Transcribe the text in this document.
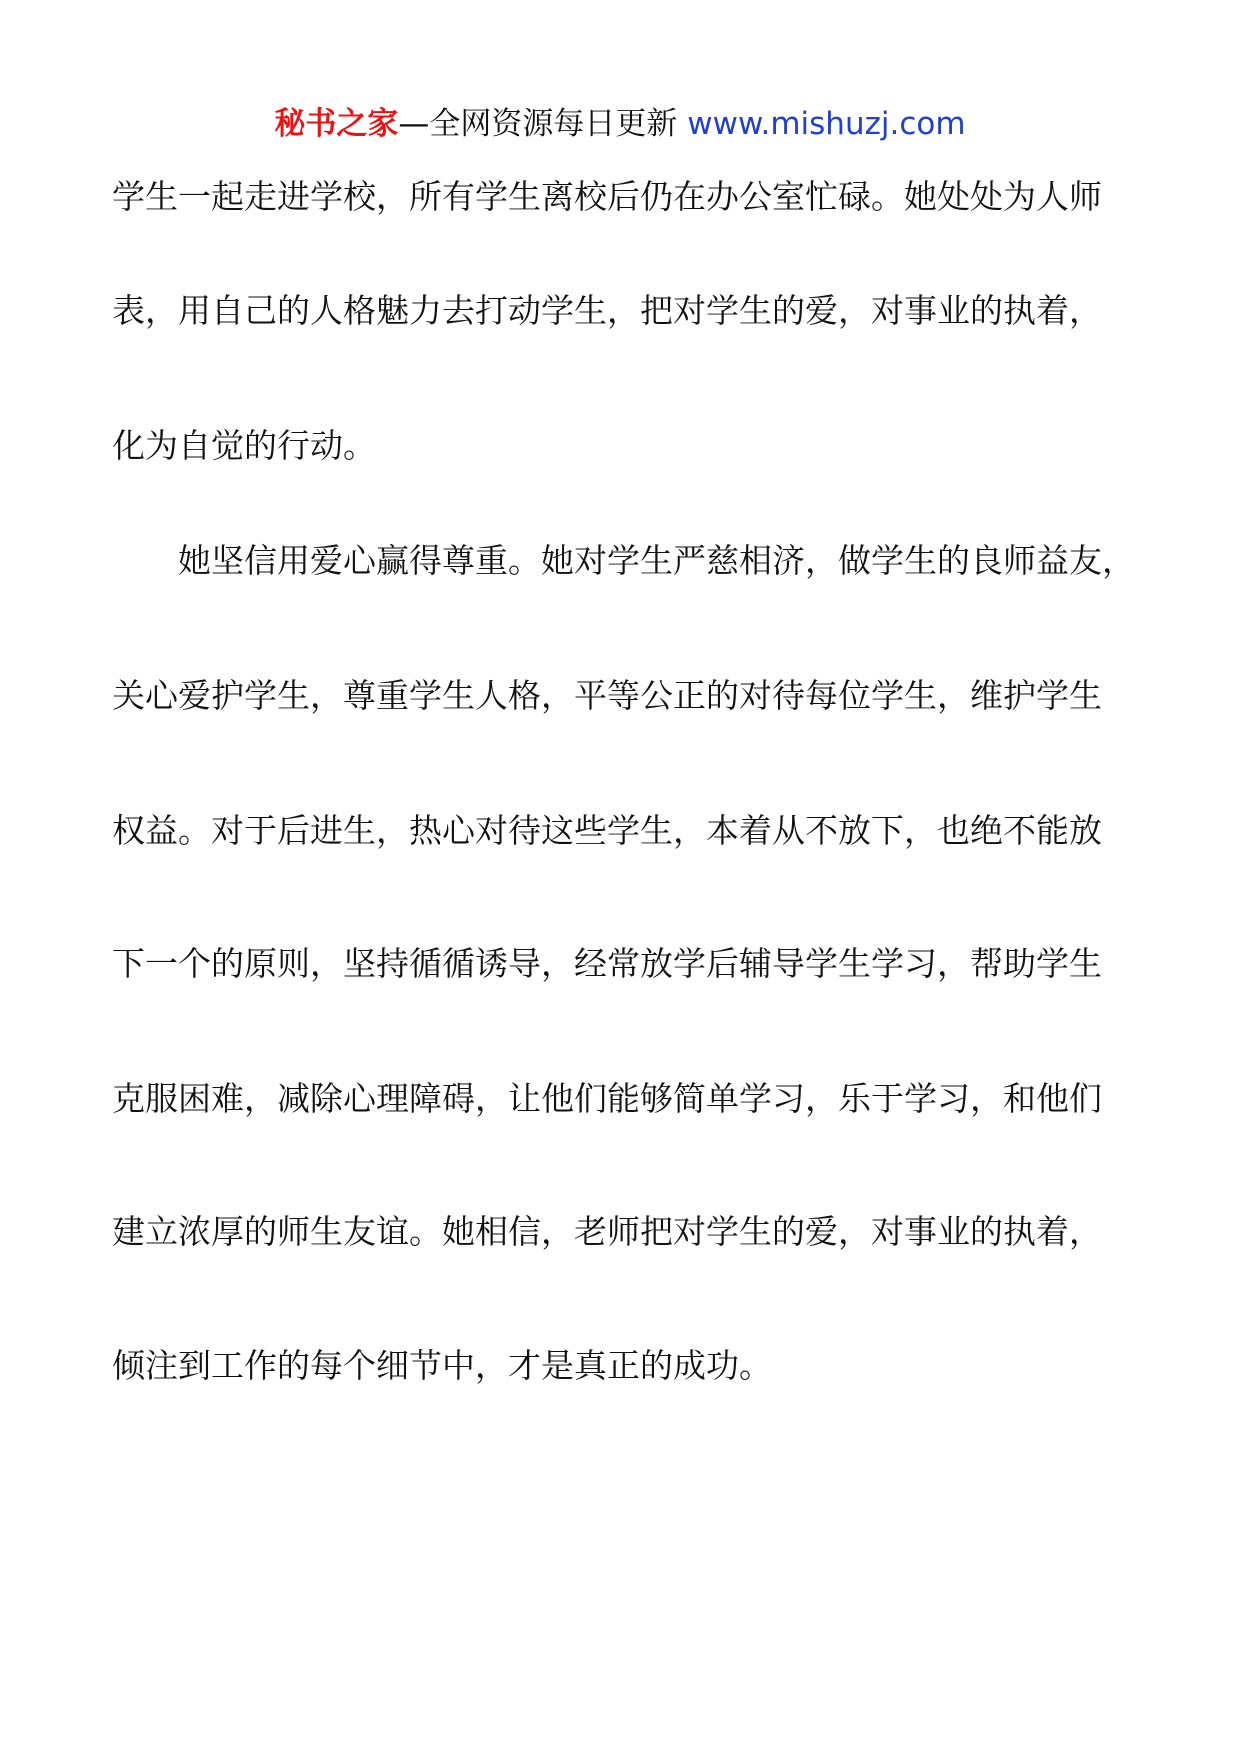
秘书之家—全网资源每日更新 www.mishuzj.com
学生一起走进学校，所有学生离校后仍在办公室忙碌。她处处为人师
表，用自己的人格魅力去打动学生，把对学生的爱，对事业的执着，
化为自觉的行动。
她坚信用爱心赢得尊重。她对学生严慈相济，做学生的良师益友，
关心爱护学生，尊重学生人格，平等公正的对待每位学生，维护学生
权益。对于后进生，热心对待这些学生，本着从不放下，也绝不能放
下一个的原则，坚持循循诱导，经常放学后辅导学生学习，帮助学生
克服困难，减除心理障碍，让他们能够简单学习，乐于学习，和他们
建立浓厚的师生友谊。她相信，老师把对学生的爱，对事业的执着，
倾注到工作的每个细节中，才是真正的成功。
